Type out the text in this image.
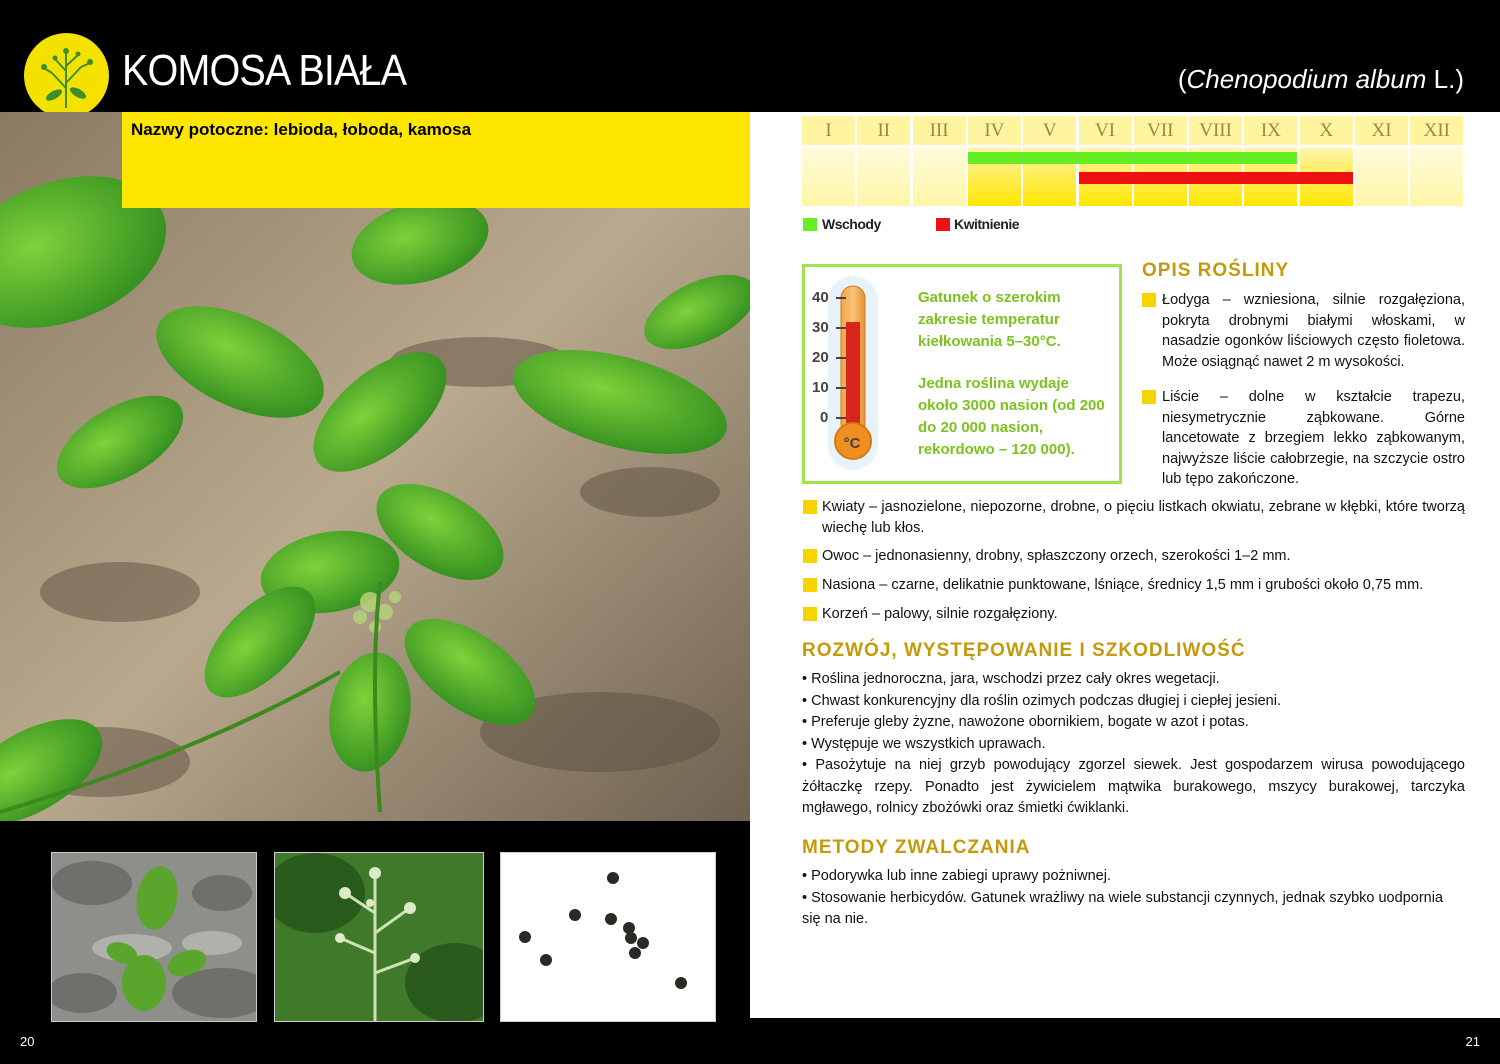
KOMOSA BIAŁA	(Chenopodium album L.)
Nazwy potoczne: lebioda, łoboda, kamosa
20	21
I	II	III	IV	V	VI	VII	VIII	IX	X	XI	XII
Wschody	Kwitnienie
°C
40
30
20
10
0
Gatunek o szerokim zakresie temperatur kiełkowania 5–30°C.
Jedna roślina wydaje około 3000 nasion (od 200 do 20 000 nasion, rekordowo – 120 000).
OPIS ROŚLINY
Łodyga – wzniesiona, silnie rozgałęziona, pokryta drobnymi białymi włoskami, w nasadzie ogonków liściowych często fioletowa. Może osiągnąć nawet 2 m wysokości.
Liście – dolne w kształcie trapezu, niesymetrycznie ząbkowane. Górne lancetowate z brzegiem lekko ząbkowanym, najwyższe liście całobrzegie, na szczycie ostro lub tępo zakończone.
Kwiaty – jasnozielone, niepozorne, drobne, o pięciu listkach okwiatu, zebrane w kłębki, które tworzą wiechę lub kłos.
Owoc – jednonasienny, drobny, spłaszczony orzech, szerokości 1–2 mm.
Nasiona – czarne, delikatnie punktowane, lśniące, średnicy 1,5 mm i grubości około 0,75 mm.
Korzeń – palowy, silnie rozgałęziony.
ROZWÓJ, WYSTĘPOWANIE I SZKODLIWOŚĆ
• Roślina jednoroczna, jara, wschodzi przez cały okres wegetacji.
• Chwast konkurencyjny dla roślin ozimych podczas długiej i ciepłej jesieni.
• Preferuje gleby żyzne, nawożone obornikiem, bogate w azot i potas.
• Występuje we wszystkich uprawach.
• Pasożytuje na niej grzyb powodujący zgorzel siewek. Jest gospodarzem wirusa powodującego żółtaczkę rzepy. Ponadto jest żywicielem mątwika burakowego, mszycy burakowej, tarczyka mgławego, rolnicy zbożówki oraz śmietki ćwiklanki.
METODY ZWALCZANIA
• Podorywka lub inne zabiegi uprawy pożniwnej.
• Stosowanie herbicydów. Gatunek wrażliwy na wiele substancji czynnych, jednak szybko uodpornia się na nie.
